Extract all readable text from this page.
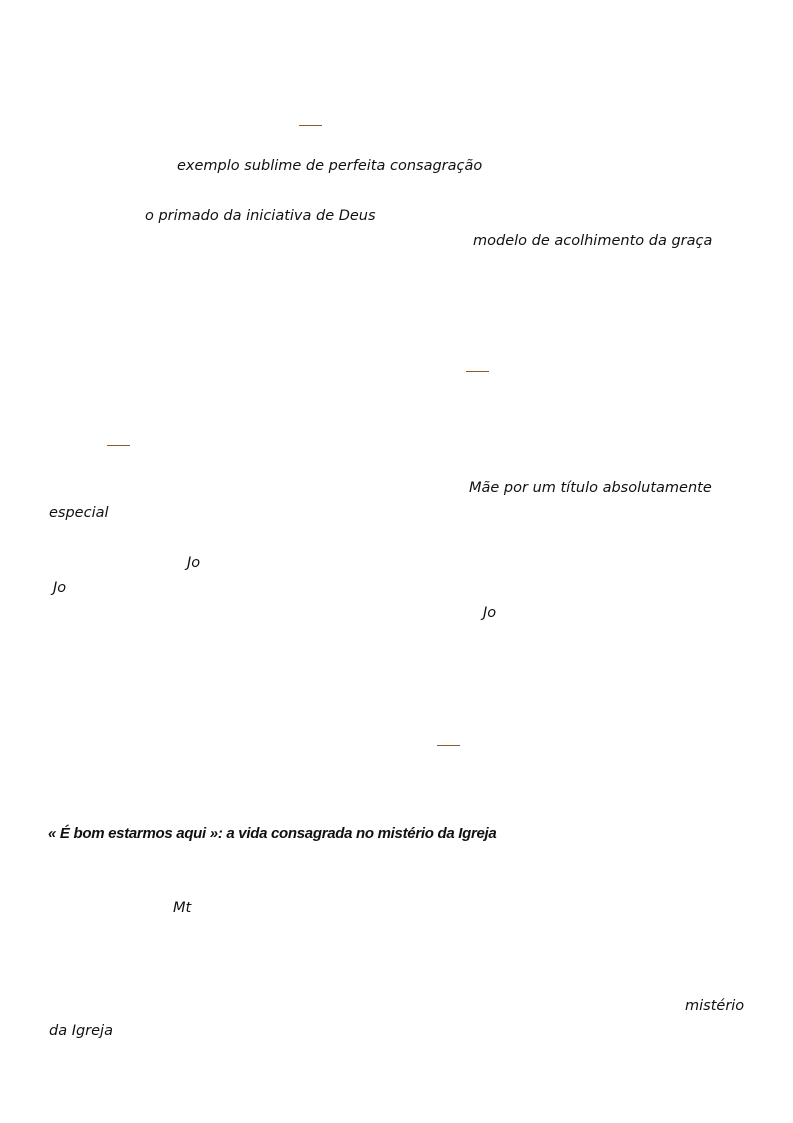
exemplo sublime de perfeita consagração
o primado da iniciativa de Deus
modelo de acolhimento da graça
Mãe por um título absolutamente
especial
Jo
Jo
Jo
« É bom estarmos aqui »: a vida consagrada no mistério da Igreja
Mt
mistério
da Igreja
